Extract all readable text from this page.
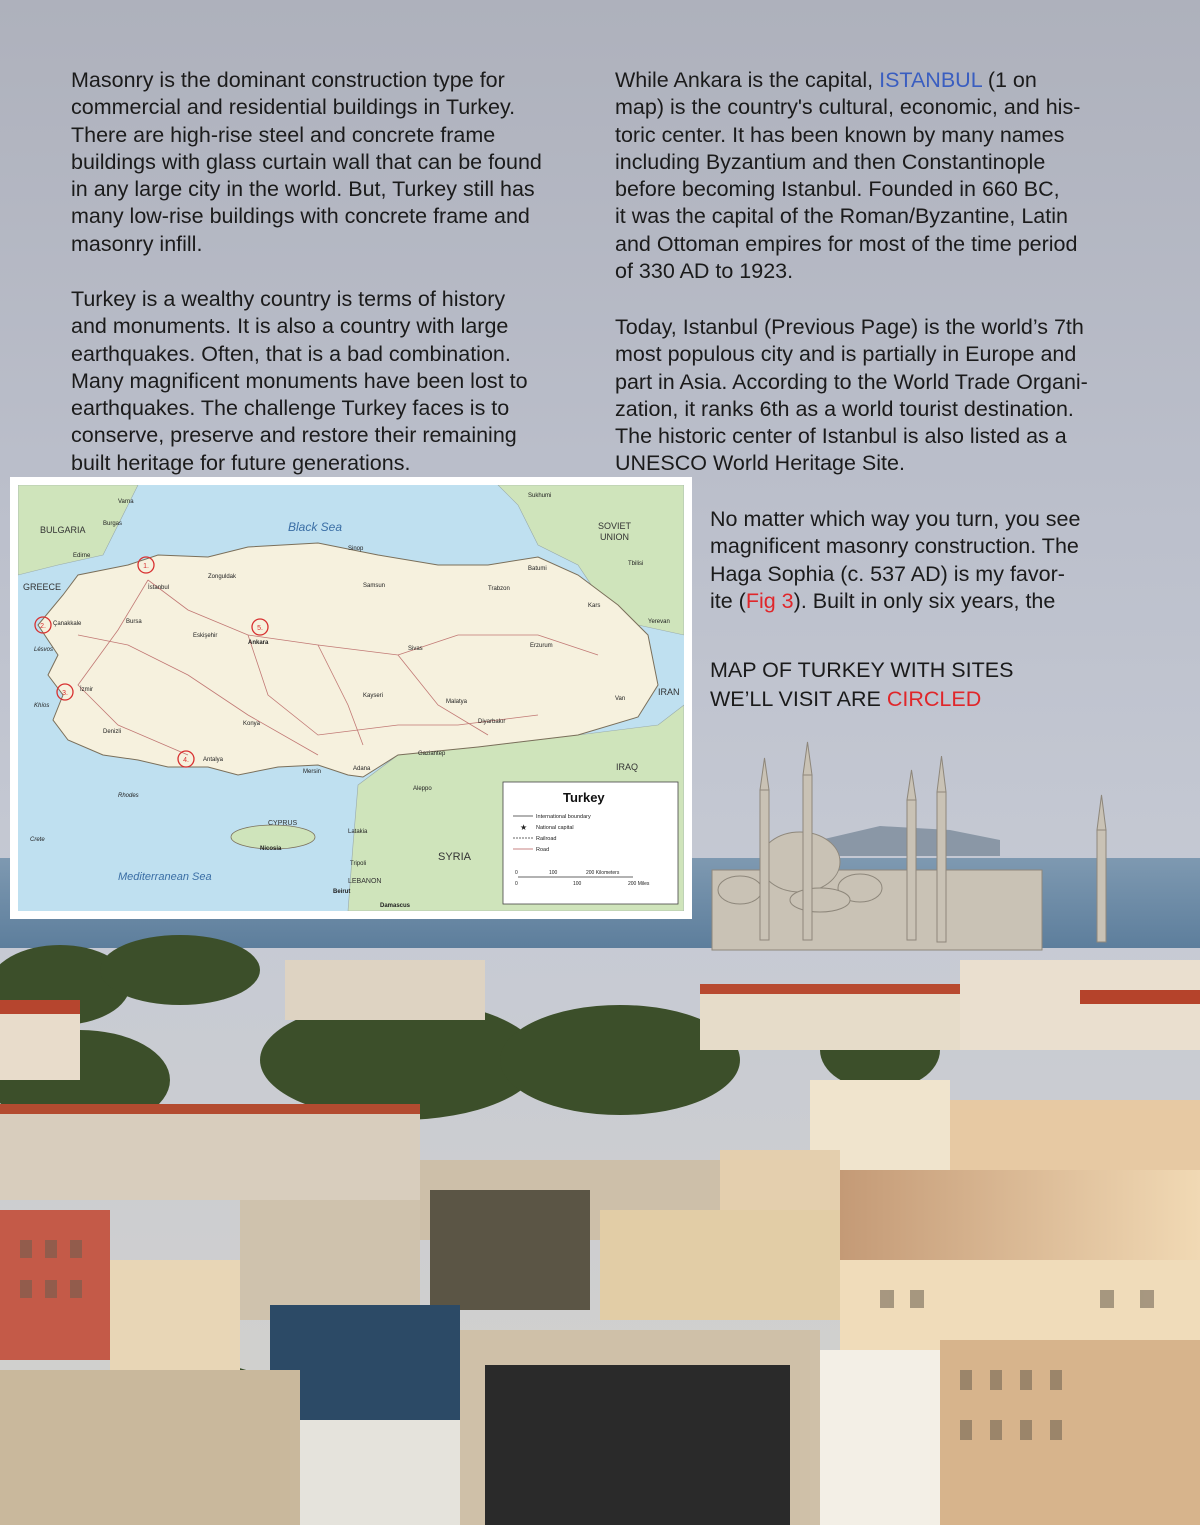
Masonry is the dominant construction type for
commercial and residential buildings in Turkey.
There are high-rise steel and concrete frame
buildings with glass curtain wall that can be found
in any large city in the world. But, Turkey still has
many low-rise buildings with concrete frame and
masonry infill.

Turkey is a wealthy country is terms of history
and monuments. It is also a country with large
earthquakes. Often, that is a bad combination.
Many magnificent monuments have been lost to
earthquakes. The challenge Turkey faces is to
conserve, preserve and restore their remaining
built heritage for future generations.

While Ankara is the capital, ISTANBUL (1 on
map) is the country's cultural, economic, and his-
toric center. It has been known by many names
including Byzantium and then Constantinople
before becoming Istanbul. Founded in 660 BC,
it was the capital of the Roman/Byzantine, Latin
and Ottoman empires for most of the time period
of 330 AD to 1923.

Today, Istanbul (Previous Page) is the world’s 7th
most populous city and is partially in Europe and
part in Asia. According to the World Trade Organi-
zation, it ranks 6th as a world tourist destination.
The historic center of Istanbul is also listed as a
UNESCO World Heritage Site.

No matter which way you turn, you see
magnificent masonry construction. The
Haga Sophia (c. 537 AD) is my favor-
ite (Fig 3). Built in only six years, the

MAP OF TURKEY WITH SITES
WE’LL VISIT ARE CIRCLED
Black Sea
Mediterranean Sea
BULGARIA
GREECE
SOVIET
UNION
IRAN
IRAQ
SYRIA
CYPRUS
LEBANON
İstanbul
Ankara
İzmir
Antalya
Çanakkale	Bursa
Konya
Samsun	Trabzon
Erzurum
Sivas
Kayseri
Adana
Mersin
Gaziantep
Malatya
Diyarbakır
Van
Batumi
Tbilisi
Yerevan
Sukhumi
Varna
Burgas
Edirne
Nicosia
Beirut
Damascus
Rhodes
Crete
Lésvos
Khíos
Latakia
Tripoli
Aleppo
Denizli
Eskişehir
Zonguldak
Sinop
Kars
1.
2.
3.
4.
5.
Turkey
International boundary
★ National capital
Railroad
Road
0	100	200 Kilometers
0	100	200 Miles
